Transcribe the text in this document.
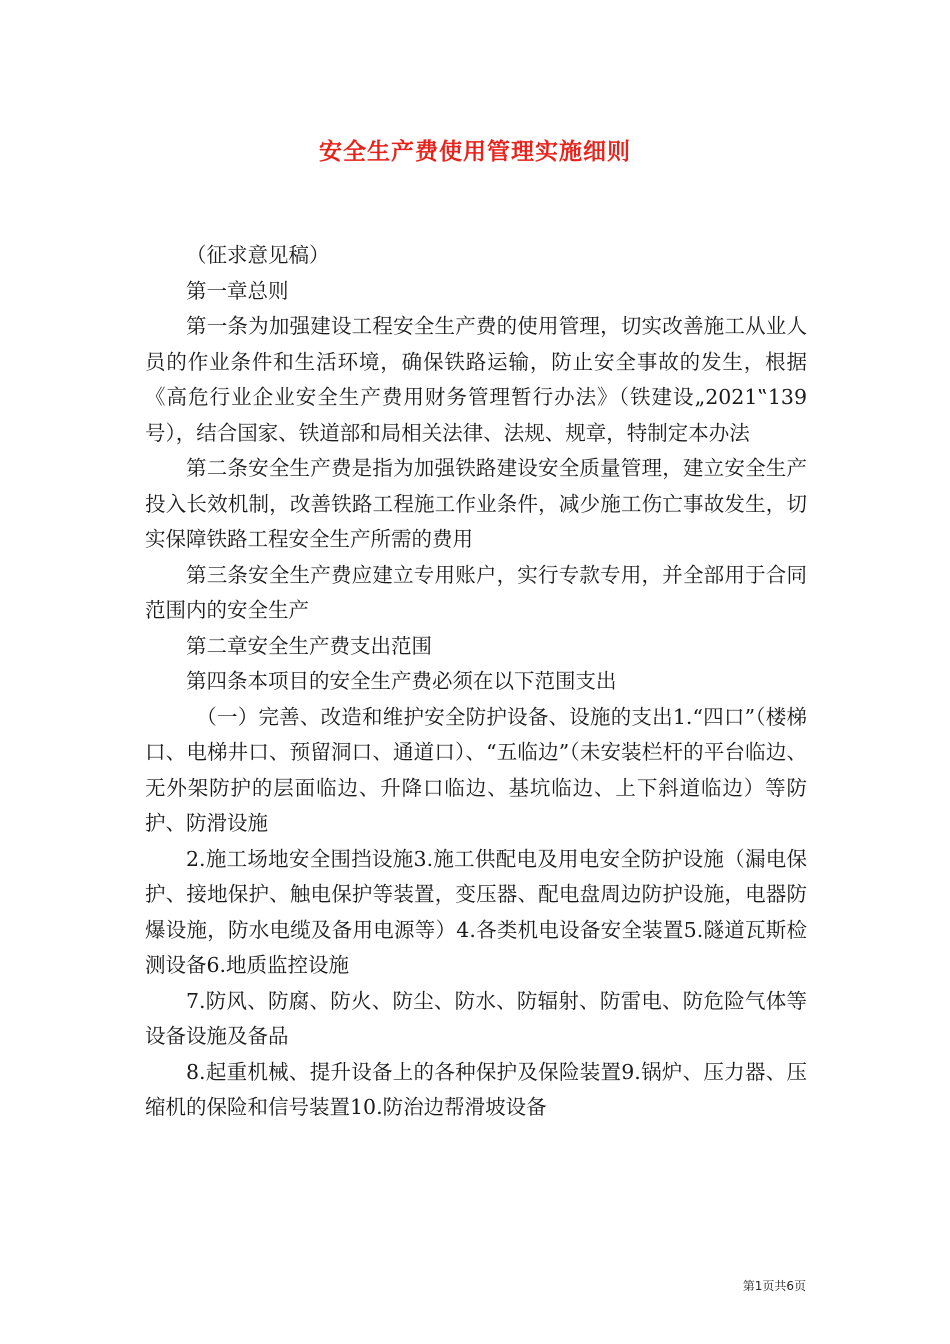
安全生产费使用管理实施细则

（征求意见稿）

第一章总则

第一条为加强建设工程安全生产费的使用管理，切实改善施工从业人员的作业条件和生活环境，确保铁路运输，防止安全事故的发生，根据《高危行业企业安全生产费用财务管理暂行办法》（铁建设„2021‟139号），结合国家、铁道部和局相关法律、法规、规章，特制定本办法

第二条安全生产费是指为加强铁路建设安全质量管理，建立安全生产投入长效机制，改善铁路工程施工作业条件，减少施工伤亡事故发生，切实保障铁路工程安全生产所需的费用

第三条安全生产费应建立专用账户，实行专款专用，并全部用于合同范围内的安全生产

第二章安全生产费支出范围

第四条本项目的安全生产费必须在以下范围支出

（一）完善、改造和维护安全防护设备、设施的支出1.“四口”（楼梯口、电梯井口、预留洞口、通道口）、“五临边”（未安装栏杆的平台临边、无外架防护的层面临边、升降口临边、基坑临边、上下斜道临边）等防护、防滑设施

2.施工场地安全围挡设施3.施工供配电及用电安全防护设施（漏电保护、接地保护、触电保护等装置，变压器、配电盘周边防护设施，电器防爆设施，防水电缆及备用电源等）4.各类机电设备安全装置5.隧道瓦斯检测设备6.地质监控设施

7.防风、防腐、防火、防尘、防水、防辐射、防雷电、防危险气体等设备设施及备品

8.起重机械、提升设备上的各种保护及保险装置9.锅炉、压力器、压缩机的保险和信号装置10.防治边帮滑坡设备

第1页共6页
